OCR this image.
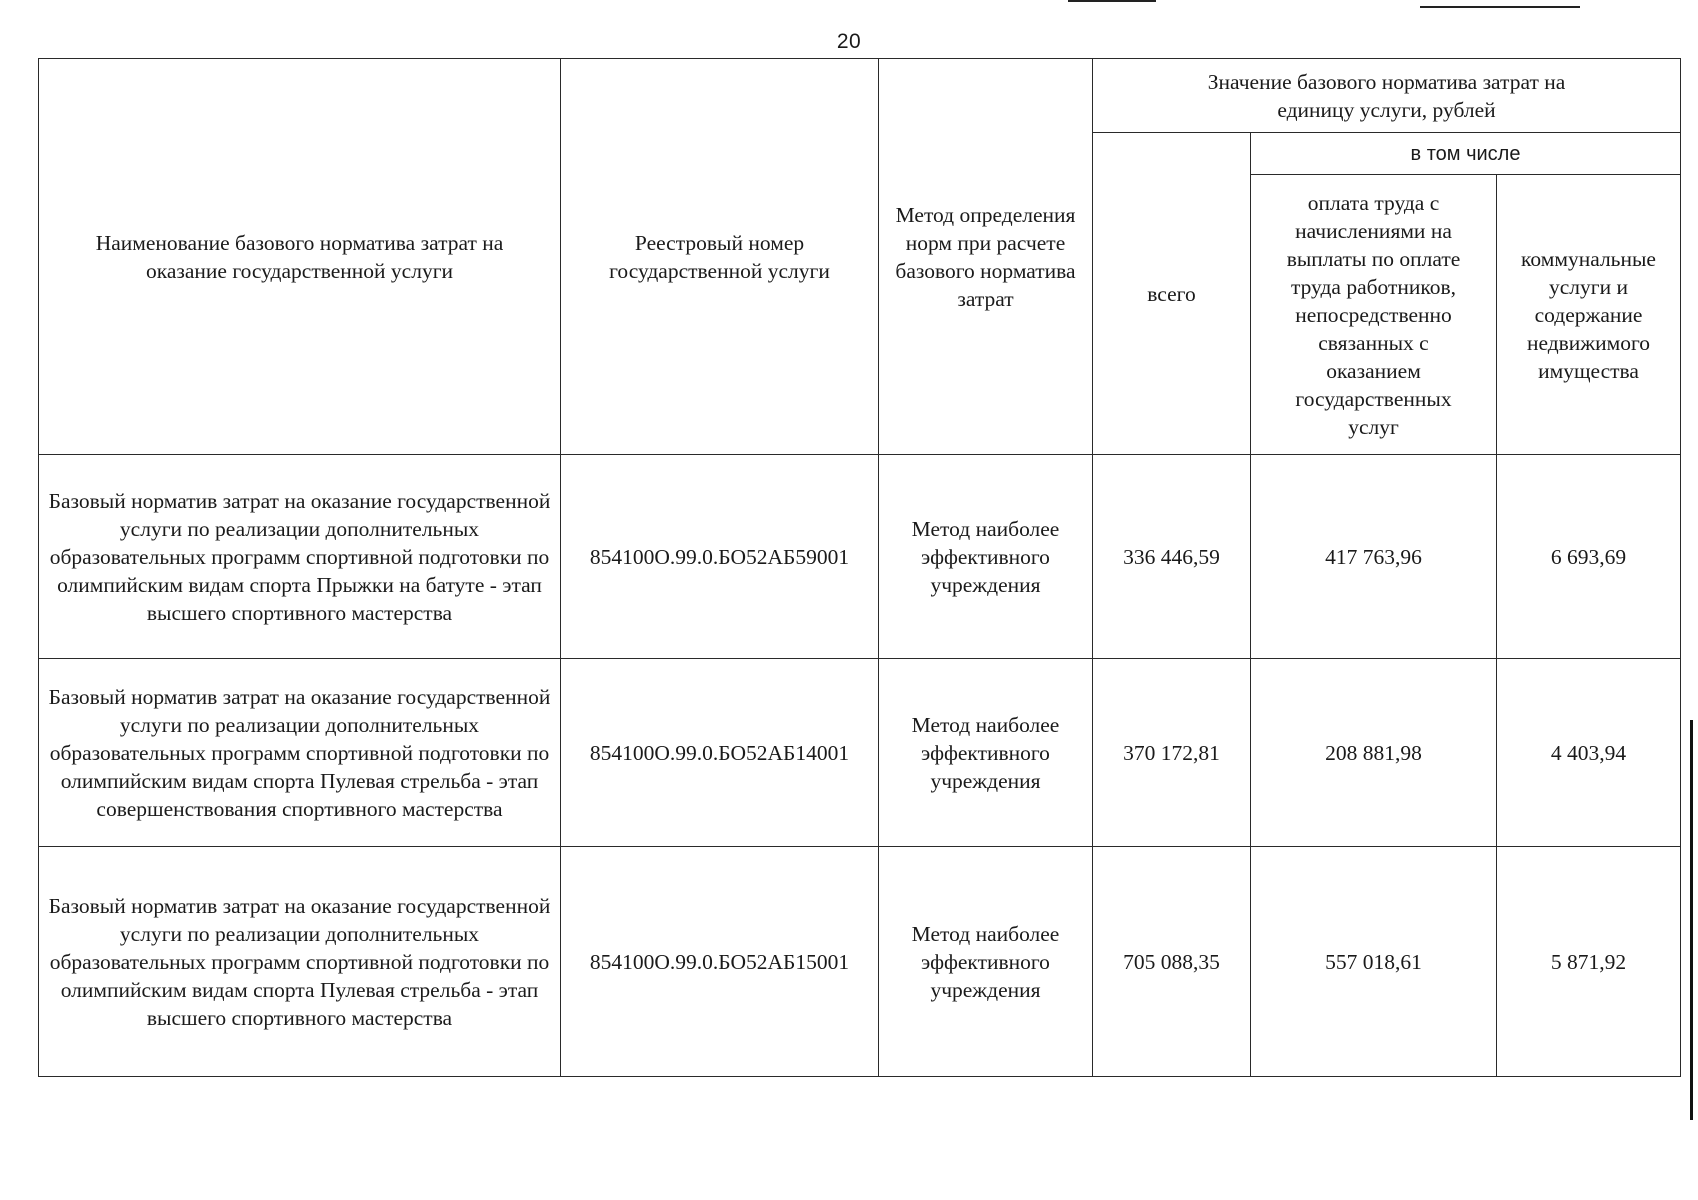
20
Наименование базового норматива затрат на оказание государственной услуги	Реестровый номер государственной услуги	Метод определения норм при расчете базового норматива затрат	Значение базового норматива затрат на единицу услуги, рублей		
			всего	в том числе	
				оплата труда с начислениями на выплаты по оплате труда работников, непосредственно связанных с оказанием государственных услуг	коммунальные услуги и содержание недвижимого имущества
Базовый норматив затрат на оказание государственной услуги по реализации дополнительных образовательных программ спортивной подготовки по олимпийским видам спорта Прыжки на батуте - этап высшего спортивного мастерства	854100О.99.0.БО52АБ59001	Метод наиболее эффективного учреждения	336 446,59	417 763,96	6 693,69
Базовый норматив затрат на оказание государственной услуги по реализации дополнительных образовательных программ спортивной подготовки по олимпийским видам спорта Пулевая стрельба - этап совершенствования спортивного мастерства	854100О.99.0.БО52АБ14001	Метод наиболее эффективного учреждения	370 172,81	208 881,98	4 403,94
Базовый норматив затрат на оказание государственной услуги по реализации дополнительных образовательных программ спортивной подготовки по олимпийским видам спорта Пулевая стрельба - этап высшего спортивного мастерства	854100О.99.0.БО52АБ15001	Метод наиболее эффективного учреждения	705 088,35	557 018,61	5 871,92
